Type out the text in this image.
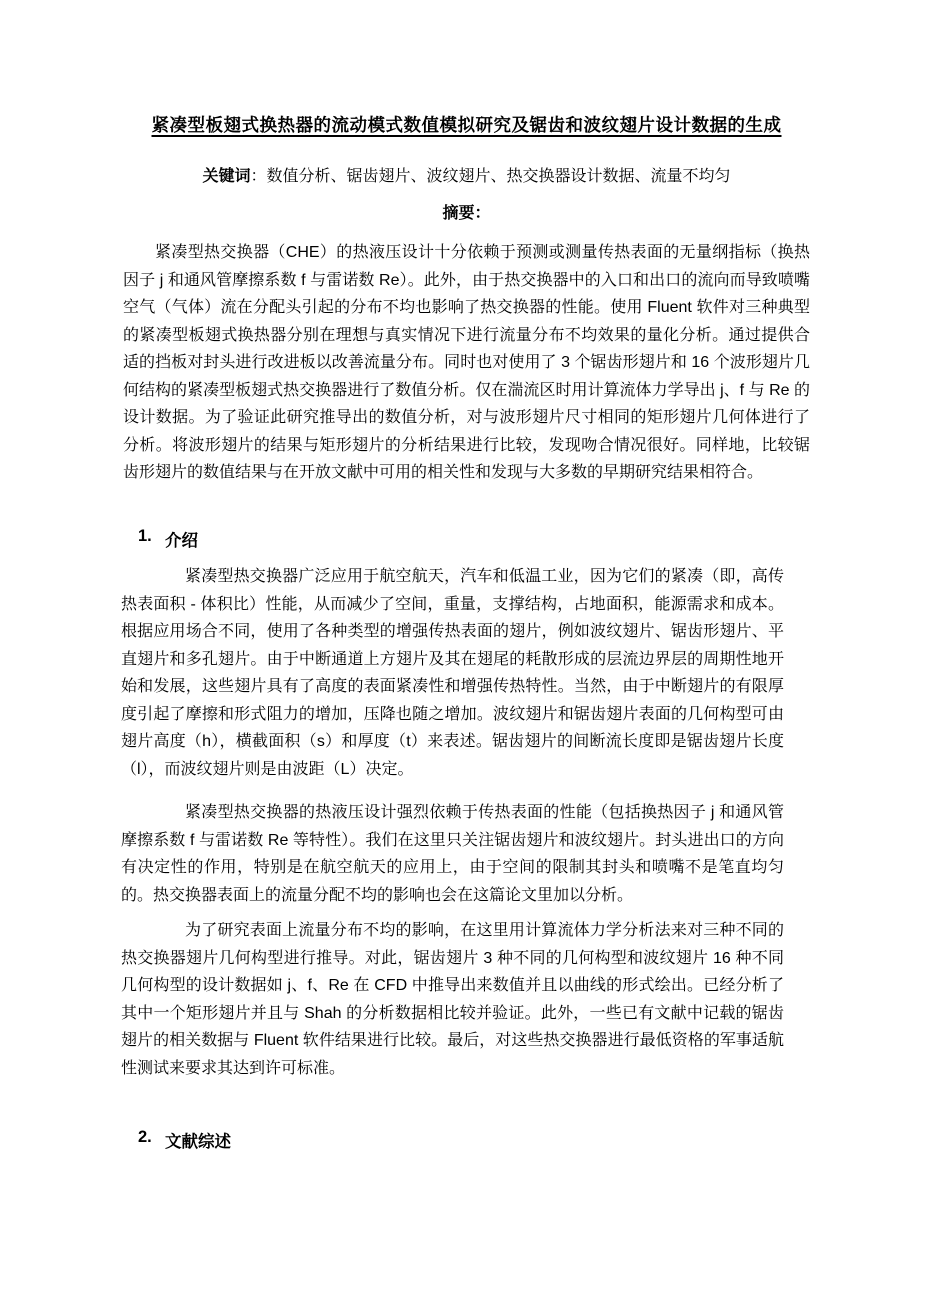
紧凑型板翅式换热器的流动模式数值模拟研究及锯齿和波纹翅片设计数据的生成
关键词：数值分析、锯齿翅片、波纹翅片、热交换器设计数据、流量不均匀
摘要：
紧凑型热交换器（CHE）的热液压设计十分依赖于预测或测量传热表面的无量纲指标（换热因子 j 和通风管摩擦系数 f 与雷诺数 Re）。此外，由于热交换器中的入口和出口的流向而导致喷嘴空气（气体）流在分配头引起的分布不均也影响了热交换器的性能。使用 Fluent 软件对三种典型的紧凑型板翅式换热器分别在理想与真实情况下进行流量分布不均效果的量化分析。通过提供合适的挡板对封头进行改进板以改善流量分布。同时也对使用了 3 个锯齿形翅片和 16 个波形翅片几何结构的紧凑型板翅式热交换器进行了数值分析。仅在湍流区时用计算流体力学导出 j、f 与 Re 的设计数据。为了验证此研究推导出的数值分析，对与波形翅片尺寸相同的矩形翅片几何体进行了分析。将波形翅片的结果与矩形翅片的分析结果进行比较，发现吻合情况很好。同样地，比较锯齿形翅片的数值结果与在开放文献中可用的相关性和发现与大多数的早期研究结果相符合。
1. 介绍
紧凑型热交换器广泛应用于航空航天，汽车和低温工业，因为它们的紧凑（即，高传热表面积 - 体积比）性能，从而减少了空间，重量，支撑结构，占地面积，能源需求和成本。根据应用场合不同，使用了各种类型的增强传热表面的翅片，例如波纹翅片、锯齿形翅片、平直翅片和多孔翅片。由于中断通道上方翅片及其在翅尾的耗散形成的层流边界层的周期性地开始和发展，这些翅片具有了高度的表面紧凑性和增强传热特性。当然，由于中断翅片的有限厚度引起了摩擦和形式阻力的增加，压降也随之增加。波纹翅片和锯齿翅片表面的几何构型可由翅片高度（h），横截面积（s）和厚度（t）来表述。锯齿翅片的间断流长度即是锯齿翅片长度（l），而波纹翅片则是由波距（L）决定。
紧凑型热交换器的热液压设计强烈依赖于传热表面的性能（包括换热因子 j 和通风管摩擦系数 f 与雷诺数 Re 等特性）。我们在这里只关注锯齿翅片和波纹翅片。封头进出口的方向有决定性的作用，特别是在航空航天的应用上，由于空间的限制其封头和喷嘴不是笔直均匀的。热交换器表面上的流量分配不均的影响也会在这篇论文里加以分析。
为了研究表面上流量分布不均的影响，在这里用计算流体力学分析法来对三种不同的热交换器翅片几何构型进行推导。对此，锯齿翅片 3 种不同的几何构型和波纹翅片 16 种不同几何构型的设计数据如 j、f、Re 在 CFD 中推导出来数值并且以曲线的形式绘出。已经分析了其中一个矩形翅片并且与 Shah 的分析数据相比较并验证。此外，一些已有文献中记载的锯齿翅片的相关数据与 Fluent 软件结果进行比较。最后，对这些热交换器进行最低资格的军事适航性测试来要求其达到许可标准。
2. 文献综述
